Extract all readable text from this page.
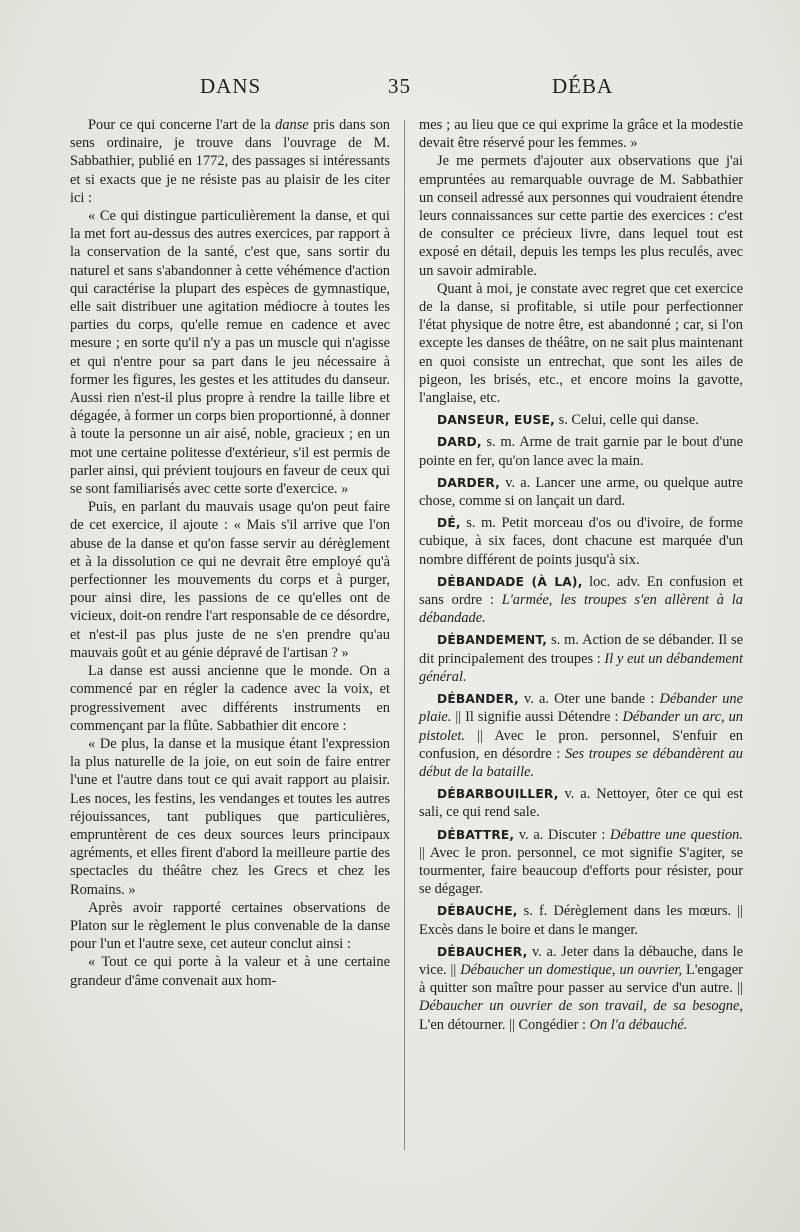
DANS	35	DÉBA

Pour ce qui concerne l'art de la danse pris dans son sens ordinaire, je trouve dans l'ouvrage de M. Sabbathier, publié en 1772, des passages si intéressants et si exacts que je ne résiste pas au plaisir de les citer ici :

« Ce qui distingue particulièrement la danse, et qui la met fort au-dessus des autres exercices, par rapport à la conservation de la santé, c'est que, sans sortir du naturel et sans s'abandonner à cette véhémence d'action qui caractérise la plupart des espèces de gymnastique, elle sait distribuer une agitation médiocre à toutes les parties du corps, qu'elle remue en cadence et avec mesure ; en sorte qu'il n'y a pas un muscle qui n'agisse et qui n'entre pour sa part dans le jeu nécessaire à former les figures, les gestes et les attitudes du danseur. Aussi rien n'est-il plus propre à rendre la taille libre et dégagée, à former un corps bien proportionné, à donner à toute la personne un air aisé, noble, gracieux ; en un mot une certaine politesse d'extérieur, s'il est permis de parler ainsi, qui prévient toujours en faveur de ceux qui se sont familiarisés avec cette sorte d'exercice. »

Puis, en parlant du mauvais usage qu'on peut faire de cet exercice, il ajoute : « Mais s'il arrive que l'on abuse de la danse et qu'on fasse servir au dérèglement et à la dissolution ce qui ne devrait être employé qu'à perfectionner les mouvements du corps et à purger, pour ainsi dire, les passions de ce qu'elles ont de vicieux, doit-on rendre l'art responsable de ce désordre, et n'est-il pas plus juste de ne s'en prendre qu'au mauvais goût et au génie dépravé de l'artisan ? »

La danse est aussi ancienne que le monde. On a commencé par en régler la cadence avec la voix, et progressivement avec différents instruments en commençant par la flûte. Sabbathier dit encore :

« De plus, la danse et la musique étant l'expression la plus naturelle de la joie, on eut soin de faire entrer l'une et l'autre dans tout ce qui avait rapport au plaisir. Les noces, les festins, les vendanges et toutes les autres réjouissances, tant publiques que particulières, empruntèrent de ces deux sources leurs principaux agréments, et elles firent d'abord la meilleure partie des spectacles du théâtre chez les Grecs et chez les Romains. »

Après avoir rapporté certaines observations de Platon sur le règlement le plus convenable de la danse pour l'un et l'autre sexe, cet auteur conclut ainsi :

« Tout ce qui porte à la valeur et à une certaine grandeur d'âme convenait aux hom-

mes ; au lieu que ce qui exprime la grâce et la modestie devait être réservé pour les femmes. »

Je me permets d'ajouter aux observations que j'ai empruntées au remarquable ouvrage de M. Sabbathier un conseil adressé aux personnes qui voudraient étendre leurs connaissances sur cette partie des exercices : c'est de consulter ce précieux livre, dans lequel tout est exposé en détail, depuis les temps les plus reculés, avec un savoir admirable.

Quant à moi, je constate avec regret que cet exercice de la danse, si profitable, si utile pour perfectionner l'état physique de notre être, est abandonné ; car, si l'on excepte les danses de théâtre, on ne sait plus maintenant en quoi consiste un entrechat, que sont les ailes de pigeon, les brisés, etc., et encore moins la gavotte, l'anglaise, etc.

DANSEUR, EUSE, s. Celui, celle qui danse.

DARD, s. m. Arme de trait garnie par le bout d'une pointe en fer, qu'on lance avec la main.

DARDER, v. a. Lancer une arme, ou quelque autre chose, comme si on lançait un dard.

DÉ, s. m. Petit morceau d'os ou d'ivoire, de forme cubique, à six faces, dont chacune est marquée d'un nombre différent de points jusqu'à six.

DÉBANDADE (À LA), loc. adv. En confusion et sans ordre : L'armée, les troupes s'en allèrent à la débandade.

DÉBANDEMENT, s. m. Action de se débander. Il se dit principalement des troupes : Il y eut un débandement général.

DÉBANDER, v. a. Oter une bande : Débander une plaie. || Il signifie aussi Détendre : Débander un arc, un pistolet. || Avec le pron. personnel, S'enfuir en confusion, en désordre : Ses troupes se débandèrent au début de la bataille.

DÉBARBOUILLER, v. a. Nettoyer, ôter ce qui est sali, ce qui rend sale.

DÉBATTRE, v. a. Discuter : Débattre une question. || Avec le pron. personnel, ce mot signifie S'agiter, se tourmenter, faire beaucoup d'efforts pour résister, pour se dégager.

DÉBAUCHE, s. f. Dérèglement dans les mœurs. || Excès dans le boire et dans le manger.

DÉBAUCHER, v. a. Jeter dans la débauche, dans le vice. || Débaucher un domestique, un ouvrier, L'engager à quitter son maître pour passer au service d'un autre. || Débaucher un ouvrier de son travail, de sa besogne, L'en détourner. || Congédier : On l'a débauché.
